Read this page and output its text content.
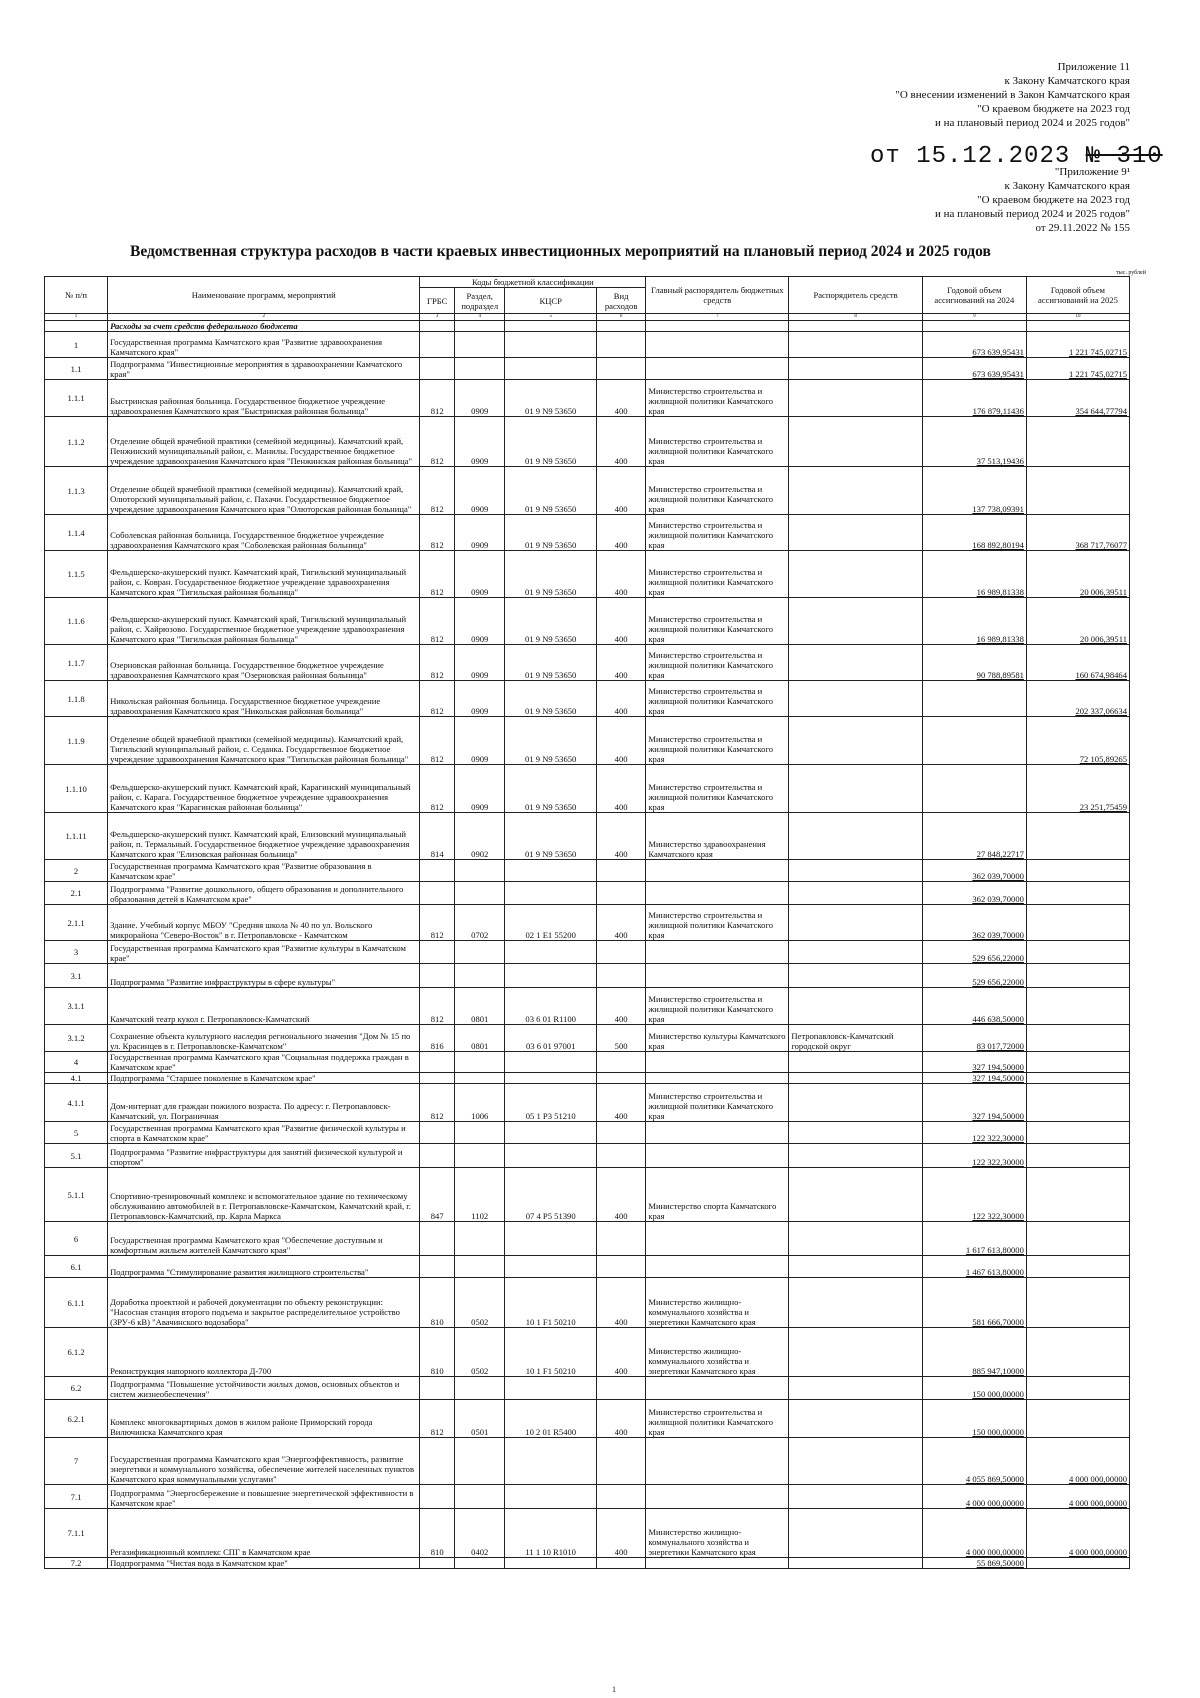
Приложение 11
к Закону Камчатского края
"О внесении изменений в Закон Камчатского края
"О краевом бюджете на 2023 год
и на плановый период 2024 и 2025 годов"
от 15.12.2023 № 310
"Приложение 9¹
к Закону Камчатского края
"О краевом бюджете на 2023 год
и на плановый период 2024 и 2025 годов"
от 29.11.2022 № 155
Ведомственная структура расходов в части краевых инвестиционных мероприятий на плановый период 2024 и 2025 годов
тыс. рублей
№ п/п	Наименование программ, мероприятий	Коды бюджетной классификации				Главный распорядитель бюджетных средств	Распорядитель средств	Годовой объем ассигнований на 2024	Годовой объем ассигнований на 2025
		ГРБС	Раздел, подраздел	КЦСР	Вид расходов				
1	2	3	4	5	6	7	8	9	10
	Расходы за счет средств федерального бюджета								
1	Государственная программа Камчатского края "Развитие здравоохранения Камчатского края"							673 639,95431	1 221 745,02715
1.1	Подпрограмма "Инвестиционные мероприятия в здравоохранении Камчатского края"							673 639,95431	1 221 745,02715
1.1.1	Быстринская районная больница. Государственное бюджетное учреждение здравоохранения Камчатского края "Быстринская районная больница"	812	0909	01 9 N9 53650	400	Министерство строительства и жилищной политики Камчатского края		176 879,11436	354 644,77794
1.1.2	Отделение общей врачебной практики (семейной медицины). Камчатский край, Пенжинский муниципальный район, с. Манилы. Государственное бюджетное учреждение здравоохранения Камчатского края "Пенжинская районная больница"	812	0909	01 9 N9 53650	400	Министерство строительства и жилищной политики Камчатского края		37 513,19436	
1.1.3	Отделение общей врачебной практики (семейной медицины). Камчатский край, Олюторский муниципальный район, с. Пахачи. Государственное бюджетное учреждение здравоохранения Камчатского края "Олюторская районная больница"	812	0909	01 9 N9 53650	400	Министерство строительства и жилищной политики Камчатского края		137 738,09391	
1.1.4	Соболевская районная больница. Государственное бюджетное учреждение здравоохранения Камчатского края "Соболевская районная больница"	812	0909	01 9 N9 53650	400	Министерство строительства и жилищной политики Камчатского края		168 892,80194	368 717,76077
1.1.5	Фельдшерско-акушерский пункт. Камчатский край, Тигильский муниципальный район, с. Ковран. Государственное бюджетное учреждение здравоохранения Камчатского края "Тигильская районная больница"	812	0909	01 9 N9 53650	400	Министерство строительства и жилищной политики Камчатского края		16 989,81338	20 006,39511
1.1.6	Фельдшерско-акушерский пункт. Камчатский край, Тигильский муниципальный район, с. Хайрюзово. Государственное бюджетное учреждение здравоохранения Камчатского края "Тигильская районная больница"	812	0909	01 9 N9 53650	400	Министерство строительства и жилищной политики Камчатского края		16 989,81338	20 006,39511
1.1.7	Озерновская районная больница. Государственное бюджетное учреждение здравоохранения Камчатского края "Озерновская районная больница"	812	0909	01 9 N9 53650	400	Министерство строительства и жилищной политики Камчатского края		90 788,89581	160 674,98464
1.1.8	Никольская районная больница. Государственное бюджетное учреждение здравоохранения Камчатского края "Никольская районная больница"	812	0909	01 9 N9 53650	400	Министерство строительства и жилищной политики Камчатского края			202 337,06634
1.1.9	Отделение общей врачебной практики (семейной медицины). Камчатский край, Тигильский муниципальный район, с. Седанка. Государственное бюджетное учреждение здравоохранения Камчатского края "Тигильская районная больница"	812	0909	01 9 N9 53650	400	Министерство строительства и жилищной политики Камчатского края			72 105,89265
1.1.10	Фельдшерско-акушерский пункт. Камчатский край, Карагинский муниципальный район, с. Карага. Государственное бюджетное учреждение здравоохранения Камчатского края "Карагинская районная больница"	812	0909	01 9 N9 53650	400	Министерство строительства и жилищной политики Камчатского края			23 251,75459
1.1.11	Фельдшерско-акушерский пункт. Камчатский край, Елизовский муниципальный район, п. Термальный. Государственное бюджетное учреждение здравоохранения Камчатского края "Елизовская районная больница"	814	0902	01 9 N9 53650	400	Министерство здравоохранения Камчатского края		27 848,22717	
2	Государственная программа Камчатского края "Развитие образования в Камчатском крае"							362 039,70000	
2.1	Подпрограмма "Развитие дошкольного, общего образования и дополнительного образования детей в Камчатском крае"							362 039,70000	
2.1.1	Здание. Учебный корпус МБОУ "Средняя школа № 40 по ул. Вольского микрорайона "Северо-Восток" в г. Петропавловске - Камчатском	812	0702	02 1 E1 55200	400	Министерство строительства и жилищной политики Камчатского края		362 039,70000	
3	Государственная программа Камчатского края "Развитие культуры в Камчатском крае"							529 656,22000	
3.1	Подпрограмма "Развитие инфраструктуры в сфере культуры"							529 656,22000	
3.1.1	Камчатский театр кукол г. Петропавловск-Камчатский	812	0801	03 6 01 R1100	400	Министерство строительства и жилищной политики Камчатского края		446 638,50000	
3.1.2	Сохранение объекта культурного наследия регионального значения "Дом № 15 по ул. Красинцев в г. Петропавловске-Камчатском"	816	0801	03 6 01 97001	500	Министерство культуры Камчатского края	Петропавловск-Камчатский городской округ	83 017,72000	
4	Государственная программа Камчатского края "Социальная поддержка граждан в Камчатском крае"							327 194,50000	
4.1	Подпрограмма "Старшее поколение в Камчатском крае"							327 194,50000	
4.1.1	Дом-интернат для граждан пожилого возраста. По адресу: г. Петропавловск-Камчатский, ул. Пограничная	812	1006	05 1 P3 51210	400	Министерство строительства и жилищной политики Камчатского края		327 194,50000	
5	Государственная программа Камчатского края "Развитие физической культуры и спорта в Камчатском крае"							122 322,30000	
5.1	Подпрограмма "Развитие инфраструктуры для занятий физической культурой и спортом"							122 322,30000	
5.1.1	Спортивно-тренировочный комплекс и вспомогательное здание по техническому обслуживанию автомобилей в г. Петропавловске-Камчатском, Камчатский край, г. Петропавловск-Камчатский, пр. Карла Маркса	847	1102	07 4 P5 51390	400	Министерство спорта Камчатского края		122 322,30000	
6	Государственная программа Камчатского края "Обеспечение доступным и комфортным жильем жителей Камчатского края"							1 617 613,80000	
6.1	Подпрограмма "Стимулирование развития жилищного строительства"							1 467 613,80000	
6.1.1	Доработка проектной и рабочей документации по объекту реконструкции: "Насосная станция второго подъема и закрытое распределительное устройство (ЗРУ-6 кВ) "Авачинского водозабора"	810	0502	10 1 F1 50210	400	Министерство жилищно-коммунального хозяйства и энергетики Камчатского края		581 666,70000	
6.1.2	Реконструкция напорного коллектора Д-700	810	0502	10 1 F1 50210	400	Министерство жилищно-коммунального хозяйства и энергетики Камчатского края		885 947,10000	
6.2	Подпрограмма "Повышение устойчивости жилых домов, основных объектов и систем жизнеобеспечения"							150 000,00000	
6.2.1	Комплекс многоквартирных домов в жилом районе Приморский города Вилючинска Камчатского края	812	0501	10 2 01 R5400	400	Министерство строительства и жилищной политики Камчатского края		150 000,00000	
7	Государственная программа Камчатского края "Энергоэффективность, развитие энергетики и коммунального хозяйства, обеспечение жителей населенных пунктов Камчатского края коммунальными услугами"							4 055 869,50000	4 000 000,00000
7.1	Подпрограмма "Энергосбережение и повышение энергетической эффективности в Камчатском крае"							4 000 000,00000	4 000 000,00000
7.1.1	Регазификационный комплекс СПГ в Камчатском крае	810	0402	11 1 10 R1010	400	Министерство жилищно-коммунального хозяйства и энергетики Камчатского края		4 000 000,00000	4 000 000,00000
7.2	Подпрограмма "Чистая вода в Камчатском крае"							55 869,50000	
1
